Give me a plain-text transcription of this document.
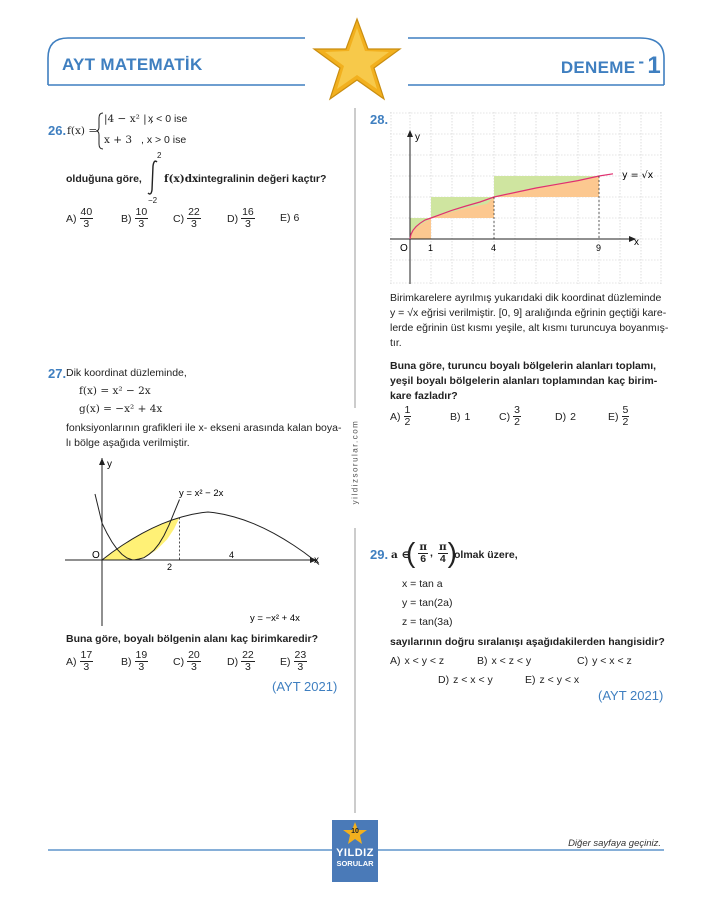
AYT MATEMATİK	DENEME - 1
yildizsorular.com
26. f(x) =
|4 − x² | ,
x < 0 ise
x + 3 , x > 0 ise
olduğuna göre,
2
−2
f(x)dx integralinin değeri kaçtır?
$A) \frac{40}{3}$	$B) \frac{10}{3} C) \frac{22}{3} D) \frac{16}{3} E$) 6
27. Dik koordinat düzleminde,
f(x) = x² − 2x
g(x) = −x² + 4x
fonksiyonlarının grafikleri ile x- ekseni arasında kalan boya-
lı bölge aşağıda verilmiştir.
y
x
O
2
4
y = x² − 2x
y = −x² + 4x
Buna göre, boyalı bölgenin alanı kaç birimkaredir?
$A) \frac{17}{3}$	$B) \frac{19}{3} C) \frac{20}{3} D) \frac{22}{3} E) \frac{23}{3}$
(AYT 2021)
28.
y
x
O 1	4	9
y = √x
Birimkarelere ayrılmış yukarıdaki dik koordinat düzleminde
y = √x eğrisi verilmiştir. [0, 9] aralığında eğrinin geçtiği kare-
lerde eğrinin üst kısmı yeşile, alt kısmı turuncuya boyanmış-
tır.
Buna göre, turuncu boyalı bölgelerin alanları toplamı,
yeşil boyalı bölgelerin alanları toplamından kaç birim-
kare fazladır?
$A) \frac{1}{2}$	B) 1	$C) \frac{3}{2}$	D) 2	$E) \frac{5}{2}$
29. a ∈
( $\frac{\pi}{6}$ , $\frac{\pi}{4}$ )
olmak üzere,
x = tan a
y = tan(2a)
z = tan(3a)
sayılarının doğru sıralanışı aşağıdakilerden hangisidir?
A) x < y < z	B) x < z < y	C) y < x < z
D) z < x < y	E) z < y < x
(AYT 2021)
10
YILDIZ
SORULAR
Diğer sayfaya geçiniz.
